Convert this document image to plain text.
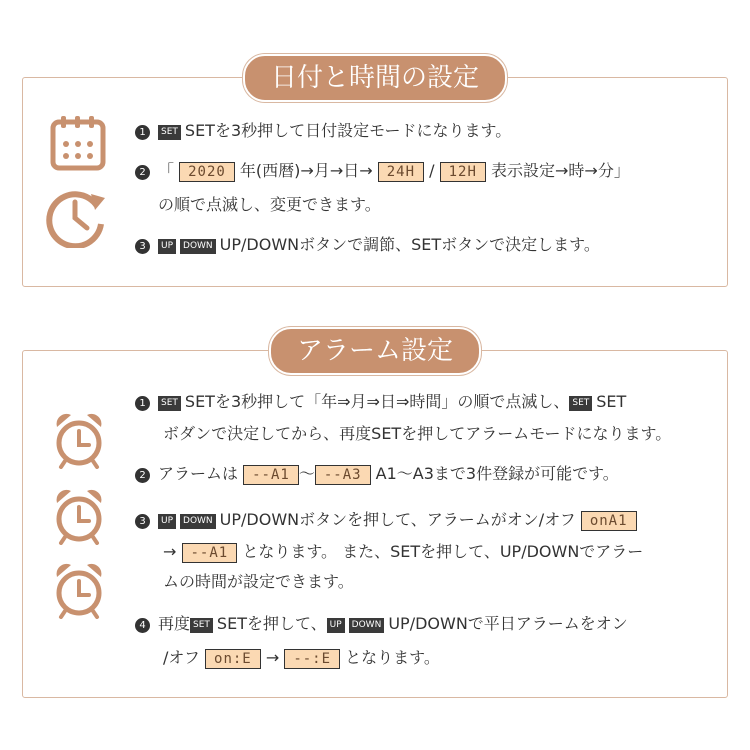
日付と時間の設定
1 SET SETを3秒押して日付設定モードになります。
2 「 2020 年(西暦)→月→日→ 24H / 12H 表示設定→時→分」
の順で点滅し、変更できます。
3 UP DOWN UP/DOWNボタンで調節、SETボタンで決定します。
アラーム設定
1 SET SETを3秒押して「年⇒月⇒日⇒時間」の順で点滅し、 SET SET
ボダンで決定してから、再度SETを押してアラームモードになります。
2 アラームは --A1 〜 --A3 A1〜A3まで3件登録が可能です。
3 UP DOWN UP/DOWNボタンを押して、アラームがオン/オフ onA1
→ --A1 となります。 また、SETを押して、UP/DOWNでアラー
ムの時間が設定できます。
4 再度 SET SETを押して、 UP DOWN UP/DOWNで平日アラームをオン
/オフ on:E → --:E となります。
